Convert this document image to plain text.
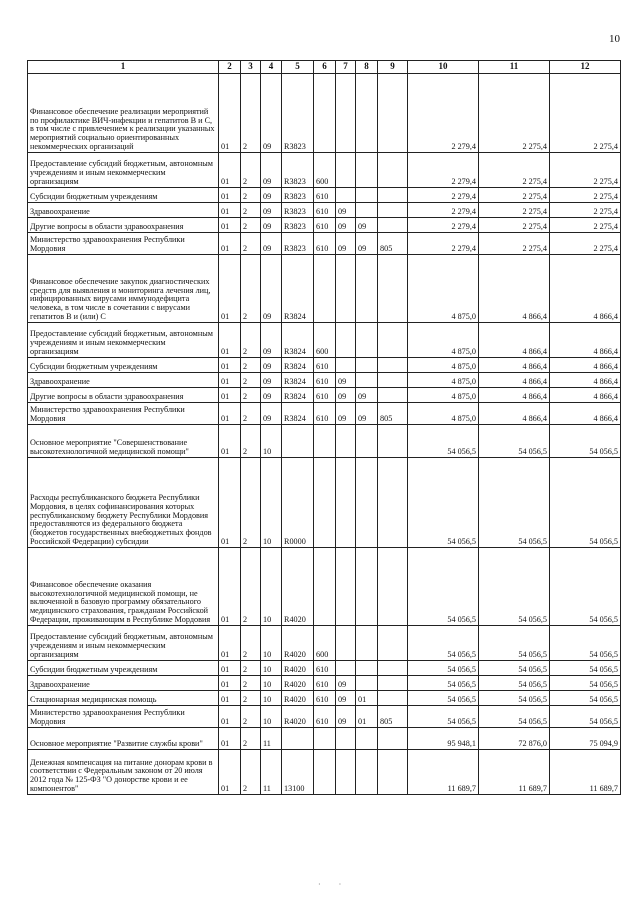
10
1	2	3	4	5	6	7	8	9	10	11	12
Финансовое обеспечение реализации мероприятий по профилактике ВИЧ-инфекции и гепатитов В и С, в том числе с привлечением к реализации указанных мероприятий социально ориентированных некоммерческих организаций	01	2	09	R3823					2 279,4	2 275,4	2 275,4
Предоставление субсидий бюджетным, автономным учреждениям и иным некоммерческим организациям	01	2	09	R3823	600				2 279,4	2 275,4	2 275,4
Субсидии бюджетным учреждениям	01	2	09	R3823	610				2 279,4	2 275,4	2 275,4
Здравоохранение	01	2	09	R3823	610	09			2 279,4	2 275,4	2 275,4
Другие вопросы в области здравоохранения	01	2	09	R3823	610	09	09		2 279,4	2 275,4	2 275,4
Министерство здравоохранения Республики Мордовия	01	2	09	R3823	610	09	09	805	2 279,4	2 275,4	2 275,4
Финансовое обеспечение закупок диагностических средств для выявления и мониторинга лечения лиц, инфицированных вирусами иммунодефицита человека, в том числе в сочетании с вирусами гепатитов В и (или) С	01	2	09	R3824					4 875,0	4 866,4	4 866,4
Предоставление субсидий бюджетным, автономным учреждениям и иным некоммерческим организациям	01	2	09	R3824	600				4 875,0	4 866,4	4 866,4
Субсидии бюджетным учреждениям	01	2	09	R3824	610				4 875,0	4 866,4	4 866,4
Здравоохранение	01	2	09	R3824	610	09			4 875,0	4 866,4	4 866,4
Другие вопросы в области здравоохранения	01	2	09	R3824	610	09	09		4 875,0	4 866,4	4 866,4
Министерство здравоохранения Республики Мордовия	01	2	09	R3824	610	09	09	805	4 875,0	4 866,4	4 866,4
Основное мероприятие "Совершенствование высокотехнологичной медицинской помощи"	01	2	10						54 056,5	54 056,5	54 056,5
Расходы республиканского бюджета Республики Мордовия, в целях софинансирования которых республиканскому бюджету Республики Мордовия предоставляются из федерального бюджета (бюджетов государственных внебюджетных фондов Российской Федерации) субсидии	01	2	10	R0000					54 056,5	54 056,5	54 056,5
Финансовое обеспечение оказания высокотехнологичной медицинской помощи, не включенной в базовую программу обязательного медицинского страхования, гражданам Российской Федерации, проживающим в Республике Мордовия	01	2	10	R4020					54 056,5	54 056,5	54 056,5
Предоставление субсидий бюджетным, автономным учреждениям и иным некоммерческим организациям	01	2	10	R4020	600				54 056,5	54 056,5	54 056,5
Субсидии бюджетным учреждениям	01	2	10	R4020	610				54 056,5	54 056,5	54 056,5
Здравоохранение	01	2	10	R4020	610	09			54 056,5	54 056,5	54 056,5
Стационарная медицинская помощь	01	2	10	R4020	610	09	01		54 056,5	54 056,5	54 056,5
Министерство здравоохранения Республики Мордовия	01	2	10	R4020	610	09	01	805	54 056,5	54 056,5	54 056,5
Основное мероприятие "Развитие службы крови"	01	2	11						95 948,1	72 876,0	75 094,9
Денежная компенсация на питание донорам крови в соответствии с Федеральным законом от 20 июля 2012 года № 125-ФЗ "О донорстве крови и ее компонентов"	01	2	11	13100					11 689,7	11 689,7	11 689,7
·         ·
